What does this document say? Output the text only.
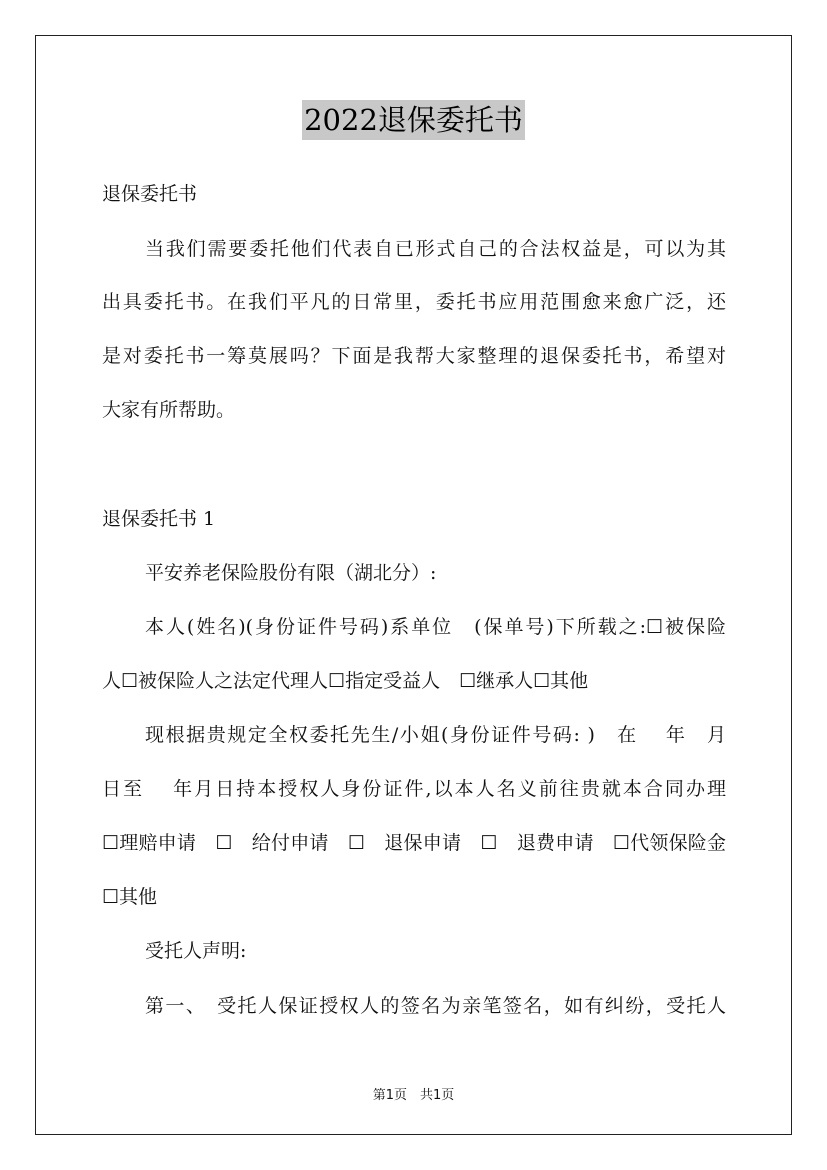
2022退保委托书
退保委托书
当我们需要委托他们代表自已形式自己的合法权益是，可以为其
出具委托书。在我们平凡的日常里，委托书应用范围愈来愈广泛，还
是对委托书一筹莫展吗？下面是我帮大家整理的退保委托书，希望对
大家有所帮助。
退保委托书 1
平安养老保险股份有限（湖北分）:
本人(姓名)(身份证件号码)系单位　(保单号)下所载之:☐被保险
人☐被保险人之法定代理人☐指定受益人　☐继承人☐其他
现根据贵规定全权委托先生/小姐(身份证件号码: )　在　 年　月
日至　 年月日持本授权人身份证件,以本人名义前往贵就本合同办理
☐理赔申请　☐　给付申请　☐　退保申请　☐　退费申请　☐代领保险金
☐其他
受托人声明:
第一、　受托人保证授权人的签名为亲笔签名，如有纠纷，受托人
第1页　共1页
